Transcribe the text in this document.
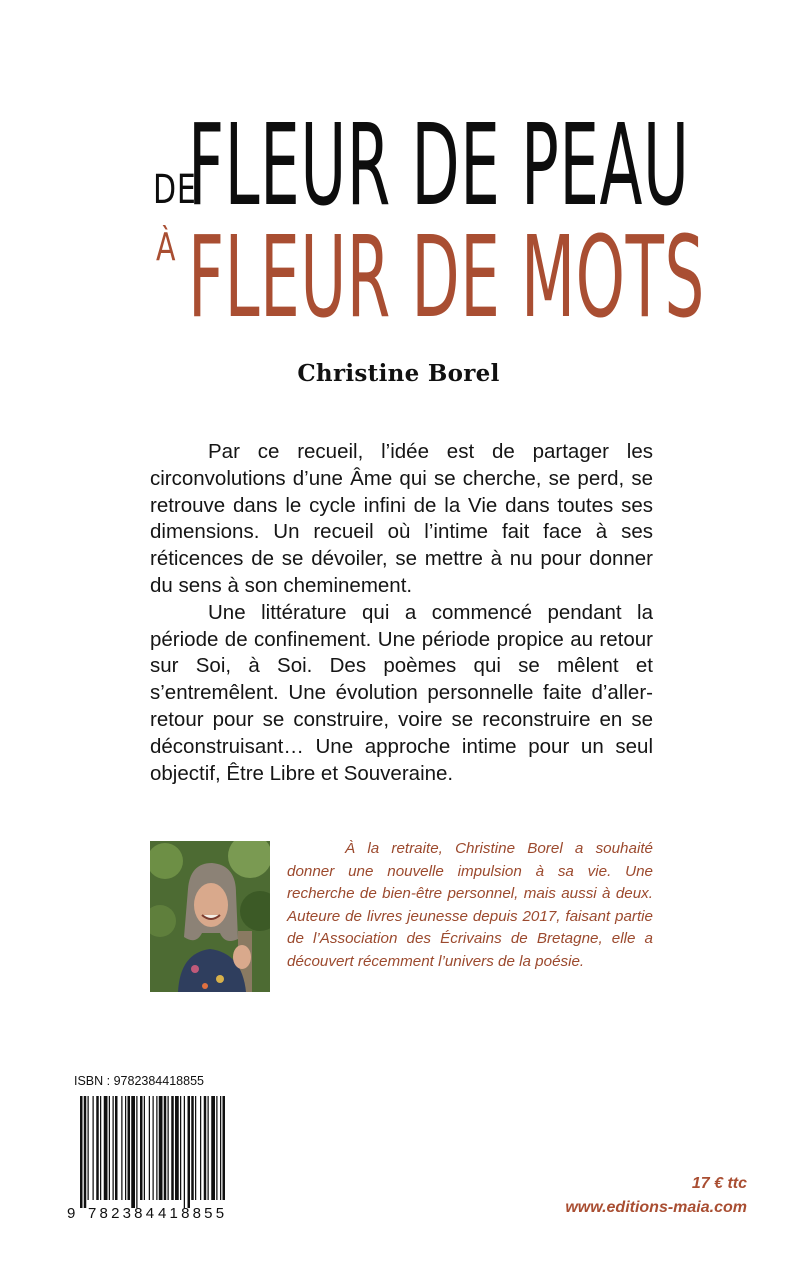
DE
FLEUR DE PEAU
À FLEUR DE MOTS
Christine Borel

Par ce recueil, l’idée est de partager les circonvolutions d’une Âme qui se cherche, se perd, se retrouve dans le cycle infini de la Vie dans toutes ses dimensions. Un recueil où l’intime fait face à ses réticences de se dévoiler, se mettre à nu pour donner du sens à son cheminement.

Une littérature qui a commencé pendant la période de confinement. Une période propice au retour sur Soi, à Soi. Des poèmes qui se mêlent et s’entremêlent. Une évolution personnelle faite d’aller-retour pour se construire, voire se reconstruire en se déconstruisant… Une approche intime pour un seul objectif, Être Libre et Souveraine.

À la retraite, Christine Borel a souhaité donner une nouvelle impulsion à sa vie. Une recherche de bien-être personnel, mais aussi à deux. Auteure de livres jeunesse depuis 2017, faisant partie de l’Association des Écrivains de Bretagne, elle a découvert récemment l’univers de la poésie.

ISBN : 9782384418855
9 782384 418855
17 € ttc
www.editions-maia.com
